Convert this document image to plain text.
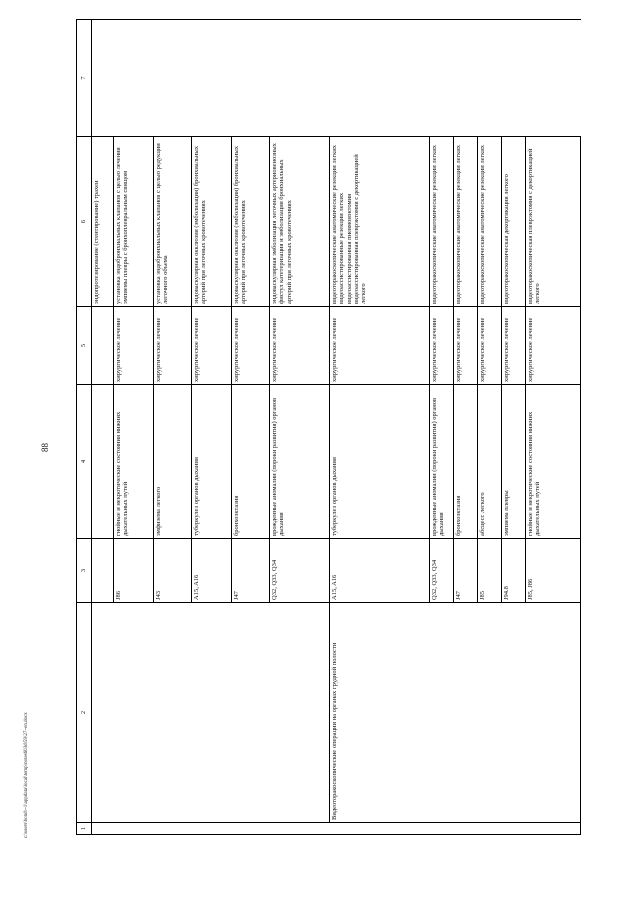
88
1	2	3	4	5	6	7
					эндопротезирование (стентирование) трахеи	
		J86	гнойные и некротические состояния нижних дыхательных путей	хирургическое лечение	установка эндобронхиальных клапанов с целью лечения эмпиемы плевры с бронхоплевральным свищом	
		J43	эмфизема легкого	хирургическое лечение	установка эндобронхиальных клапанов с целью редукции легочного объема	
		A15, A16	туберкулез органов дыхания	хирургическое лечение	эндоваскулярная окклюзия (эмболизация) бронхиальных артерий при легочных кровотечениях	
		J47	бронхоэктазия	хирургическое лечение	эндоваскулярная окклюзия (эмболизация) бронхиальных артерий при легочных кровотечениях	
		Q32, Q33, Q34	врожденные аномалии (пороки развития) органов дыхания	хирургическое лечение	эндоваскулярная эмболизация легочных артериовенозных фистул катетеризация и эмболизация бронхиальных артерий при легочных кровотечениях	
	Видеоторакоскопические операции на органах грудной полости	A15, A16	туберкулез органов дыхания	хирургическое лечение	видеоторакоскопические анатомические резекции легких видеоассистированные резекции легких видеоассистированная пневмонэктомия видеоассистированная плеврэктомия с декортикацией легкого	
		Q32, Q33, Q34	врожденные аномалии (пороки развития) органов дыхания	хирургическое лечение	видеоторакоскопические анатомические резекции легких	
		J47	бронхоэктазия	хирургическое лечение	видеоторакоскопические анатомические резекции легких	
		J85	абсцесс легкого	хирургическое лечение	видеоторакоскопические анатомические резекции легких	
		J94.8	эмпиема плевры	хирургическое лечение	видеоторакоскопическая декортикация легкого	
		J85, J86	гнойные и некротические состояния нижних дыхательных путей	хирургическое лечение	видеоторакоскопическая плеврэктомия с декортикацией легкого	
c:\users\bond\~1\appdata\local\temp\notes603d\59\27~en.docx
